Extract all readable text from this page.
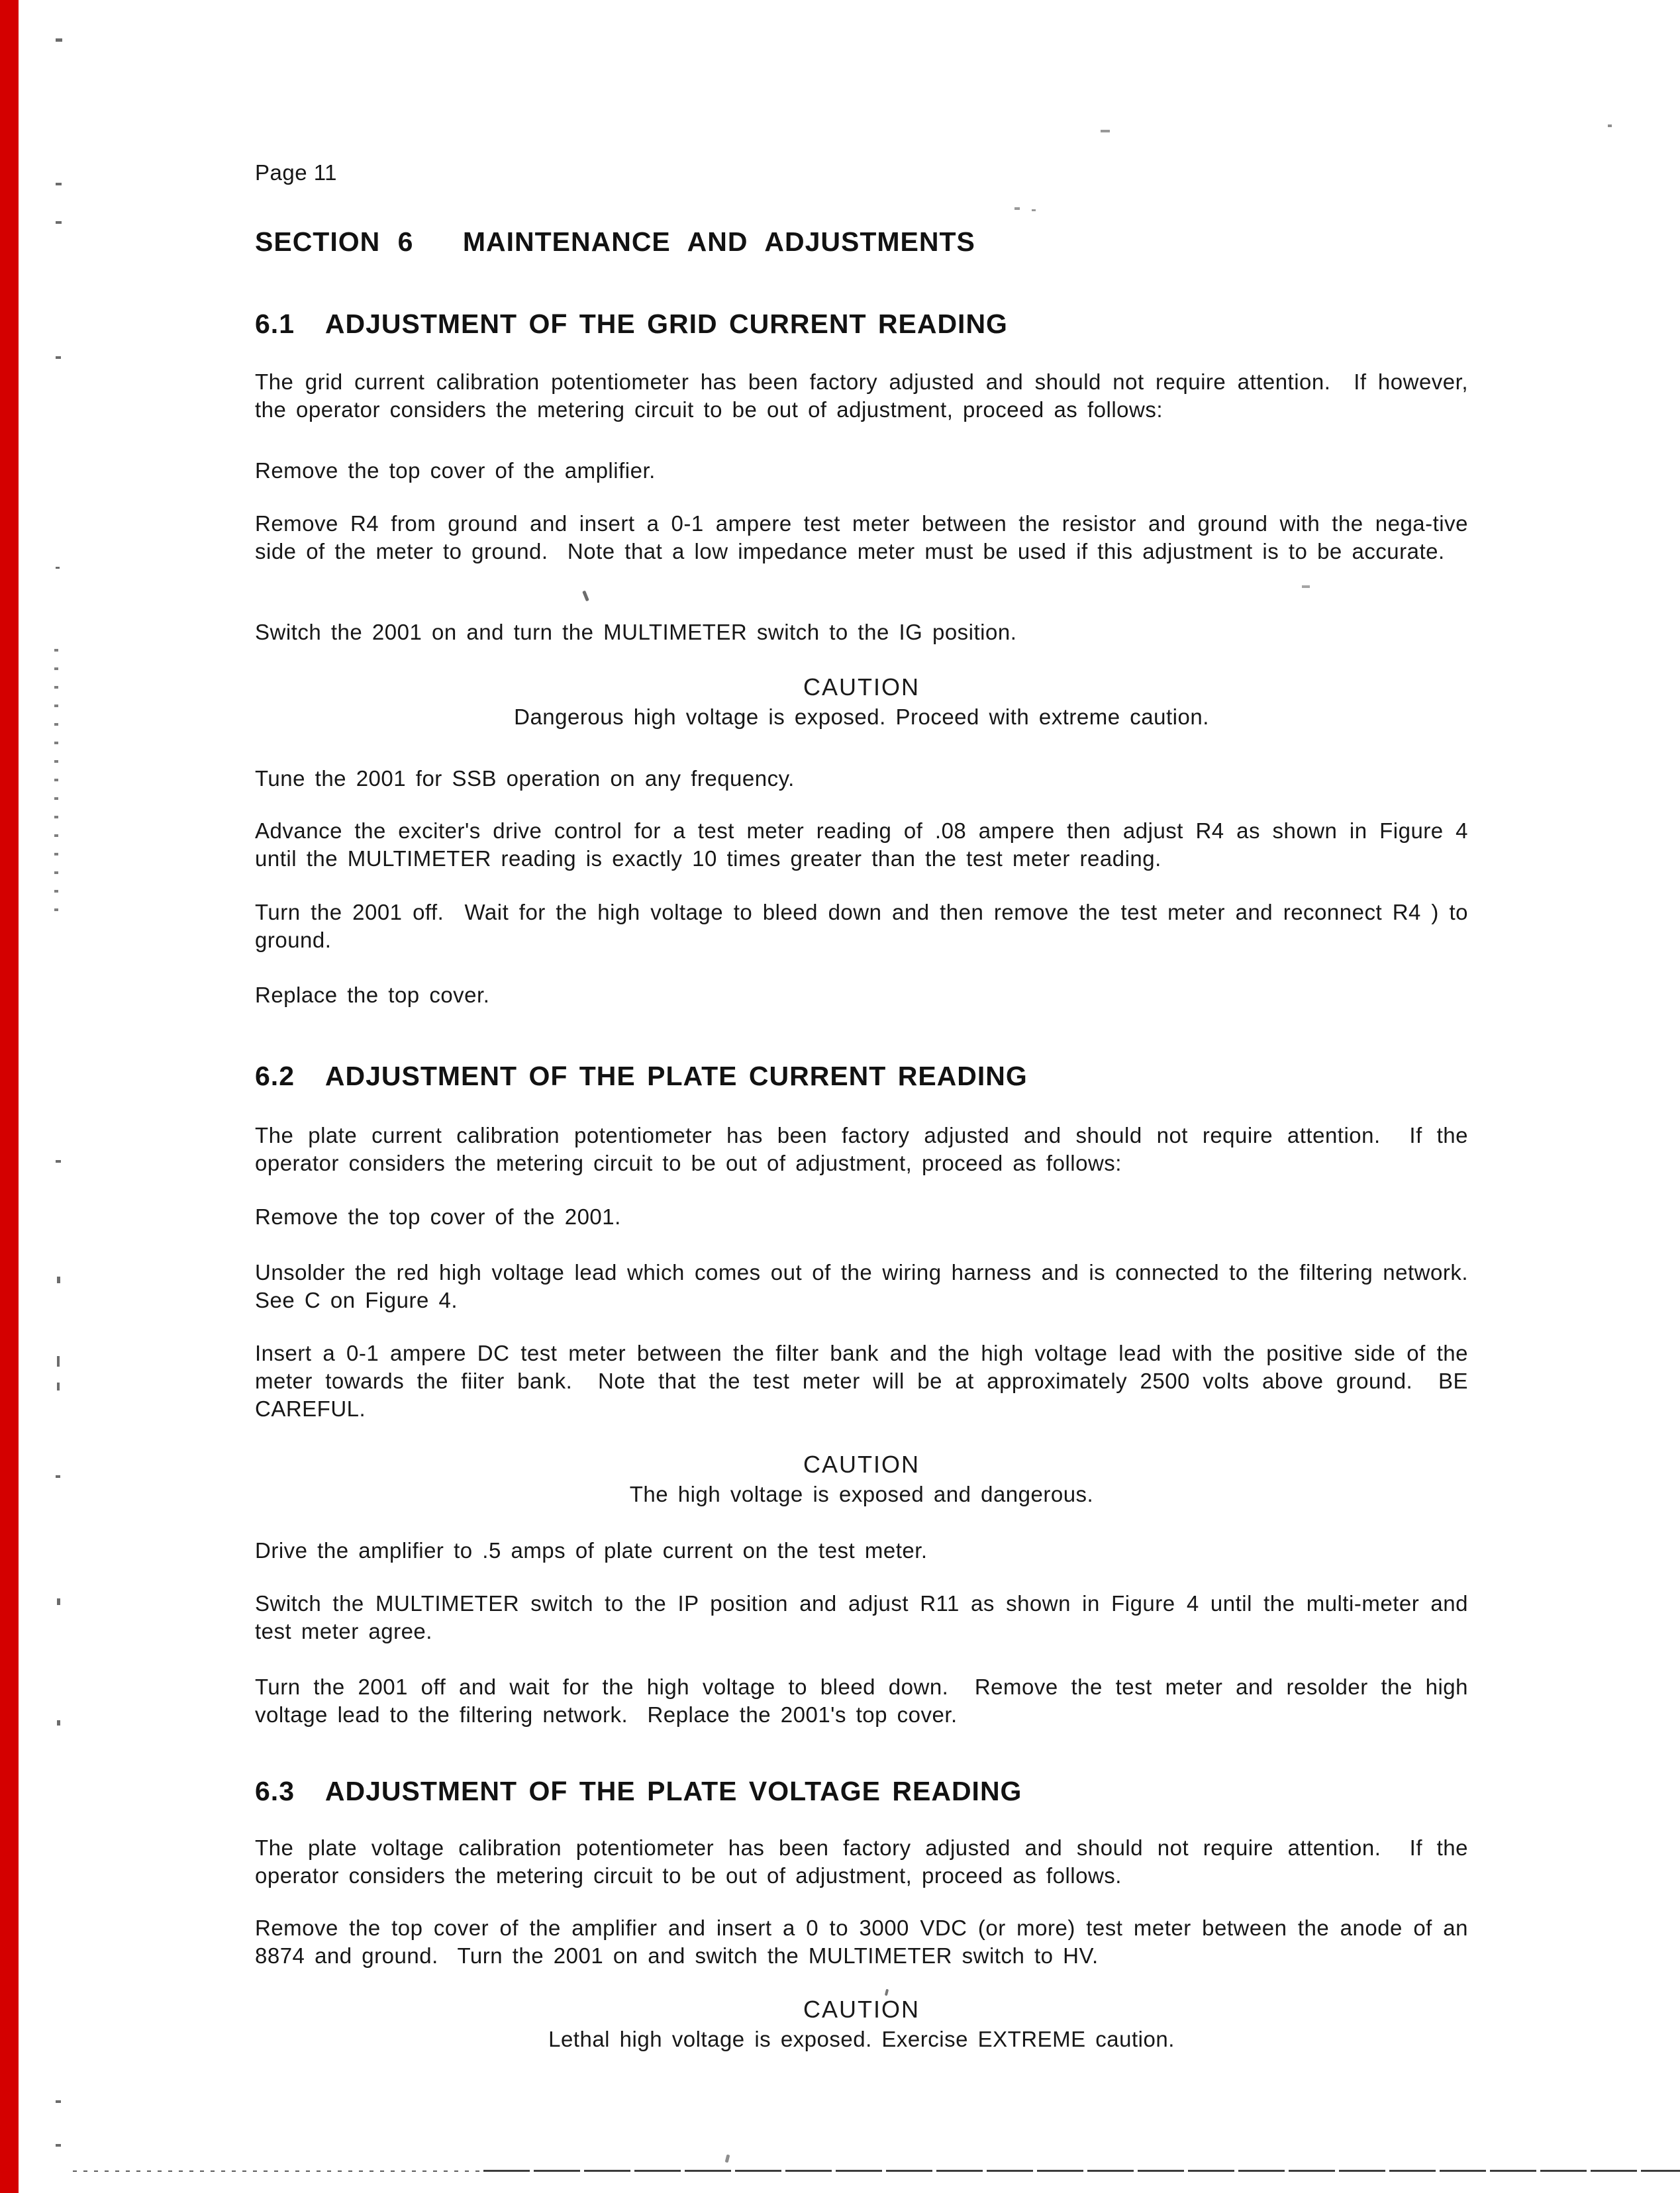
Page 11
SECTION 6 MAINTENANCE AND ADJUSTMENTS
6.1 ADJUSTMENT OF THE GRID CURRENT READING

The grid current calibration potentiometer has been factory adjusted and should not require attention.  If however, the operator considers the metering circuit to be out of adjustment, proceed as follows:

Remove the top cover of the amplifier.

Remove R4 from ground and insert a 0-1 ampere test meter between the resistor and ground with the nega-tive side of the meter to ground.  Note that a low impedance meter must be used if this adjustment is to be accurate.

Switch the 2001 on and turn the MULTIMETER switch to the IG position.

CAUTION
Dangerous high voltage is exposed. Proceed with extreme caution.

Tune the 2001 for SSB operation on any frequency.

Advance the exciter's drive control for a test meter reading of .08 ampere then adjust R4 as shown in Figure 4 until the MULTIMETER reading is exactly 10 times greater than the test meter reading.

Turn the 2001 off.  Wait for the high voltage to bleed down and then remove the test meter and reconnect R4 ) to ground.

Replace the top cover.

6.2 ADJUSTMENT OF THE PLATE CURRENT READING

The plate current calibration potentiometer has been factory adjusted and should not require attention.  If the operator considers the metering circuit to be out of adjustment, proceed as follows:

Remove the top cover of the 2001.

Unsolder the red high voltage lead which comes out of the wiring harness and is connected to the filtering network.  See C on Figure 4.

Insert a 0-1 ampere DC test meter between the filter bank and the high voltage lead with the positive side of the meter towards the fiiter bank.  Note that the test meter will be at approximately 2500 volts above ground.  BE CAREFUL.

CAUTION
The high voltage is exposed and dangerous.

Drive the amplifier to .5 amps of plate current on the test meter.

Switch the MULTIMETER switch to the IP position and adjust R11 as shown in Figure 4 until the multi-meter and test meter agree.

Turn the 2001 off and wait for the high voltage to bleed down.  Remove the test meter and resolder the high voltage lead to the filtering network.  Replace the 2001's top cover.

6.3 ADJUSTMENT OF THE PLATE VOLTAGE READING

The plate voltage calibration potentiometer has been factory adjusted and should not require attention.  If the operator considers the metering circuit to be out of adjustment, proceed as follows.

Remove the top cover of the amplifier and insert a 0 to 3000 VDC (or more) test meter between the anode of an 8874 and ground.  Turn the 2001 on and switch the MULTIMETER switch to HV.

CAUTION
Lethal high voltage is exposed. Exercise EXTREME caution.
